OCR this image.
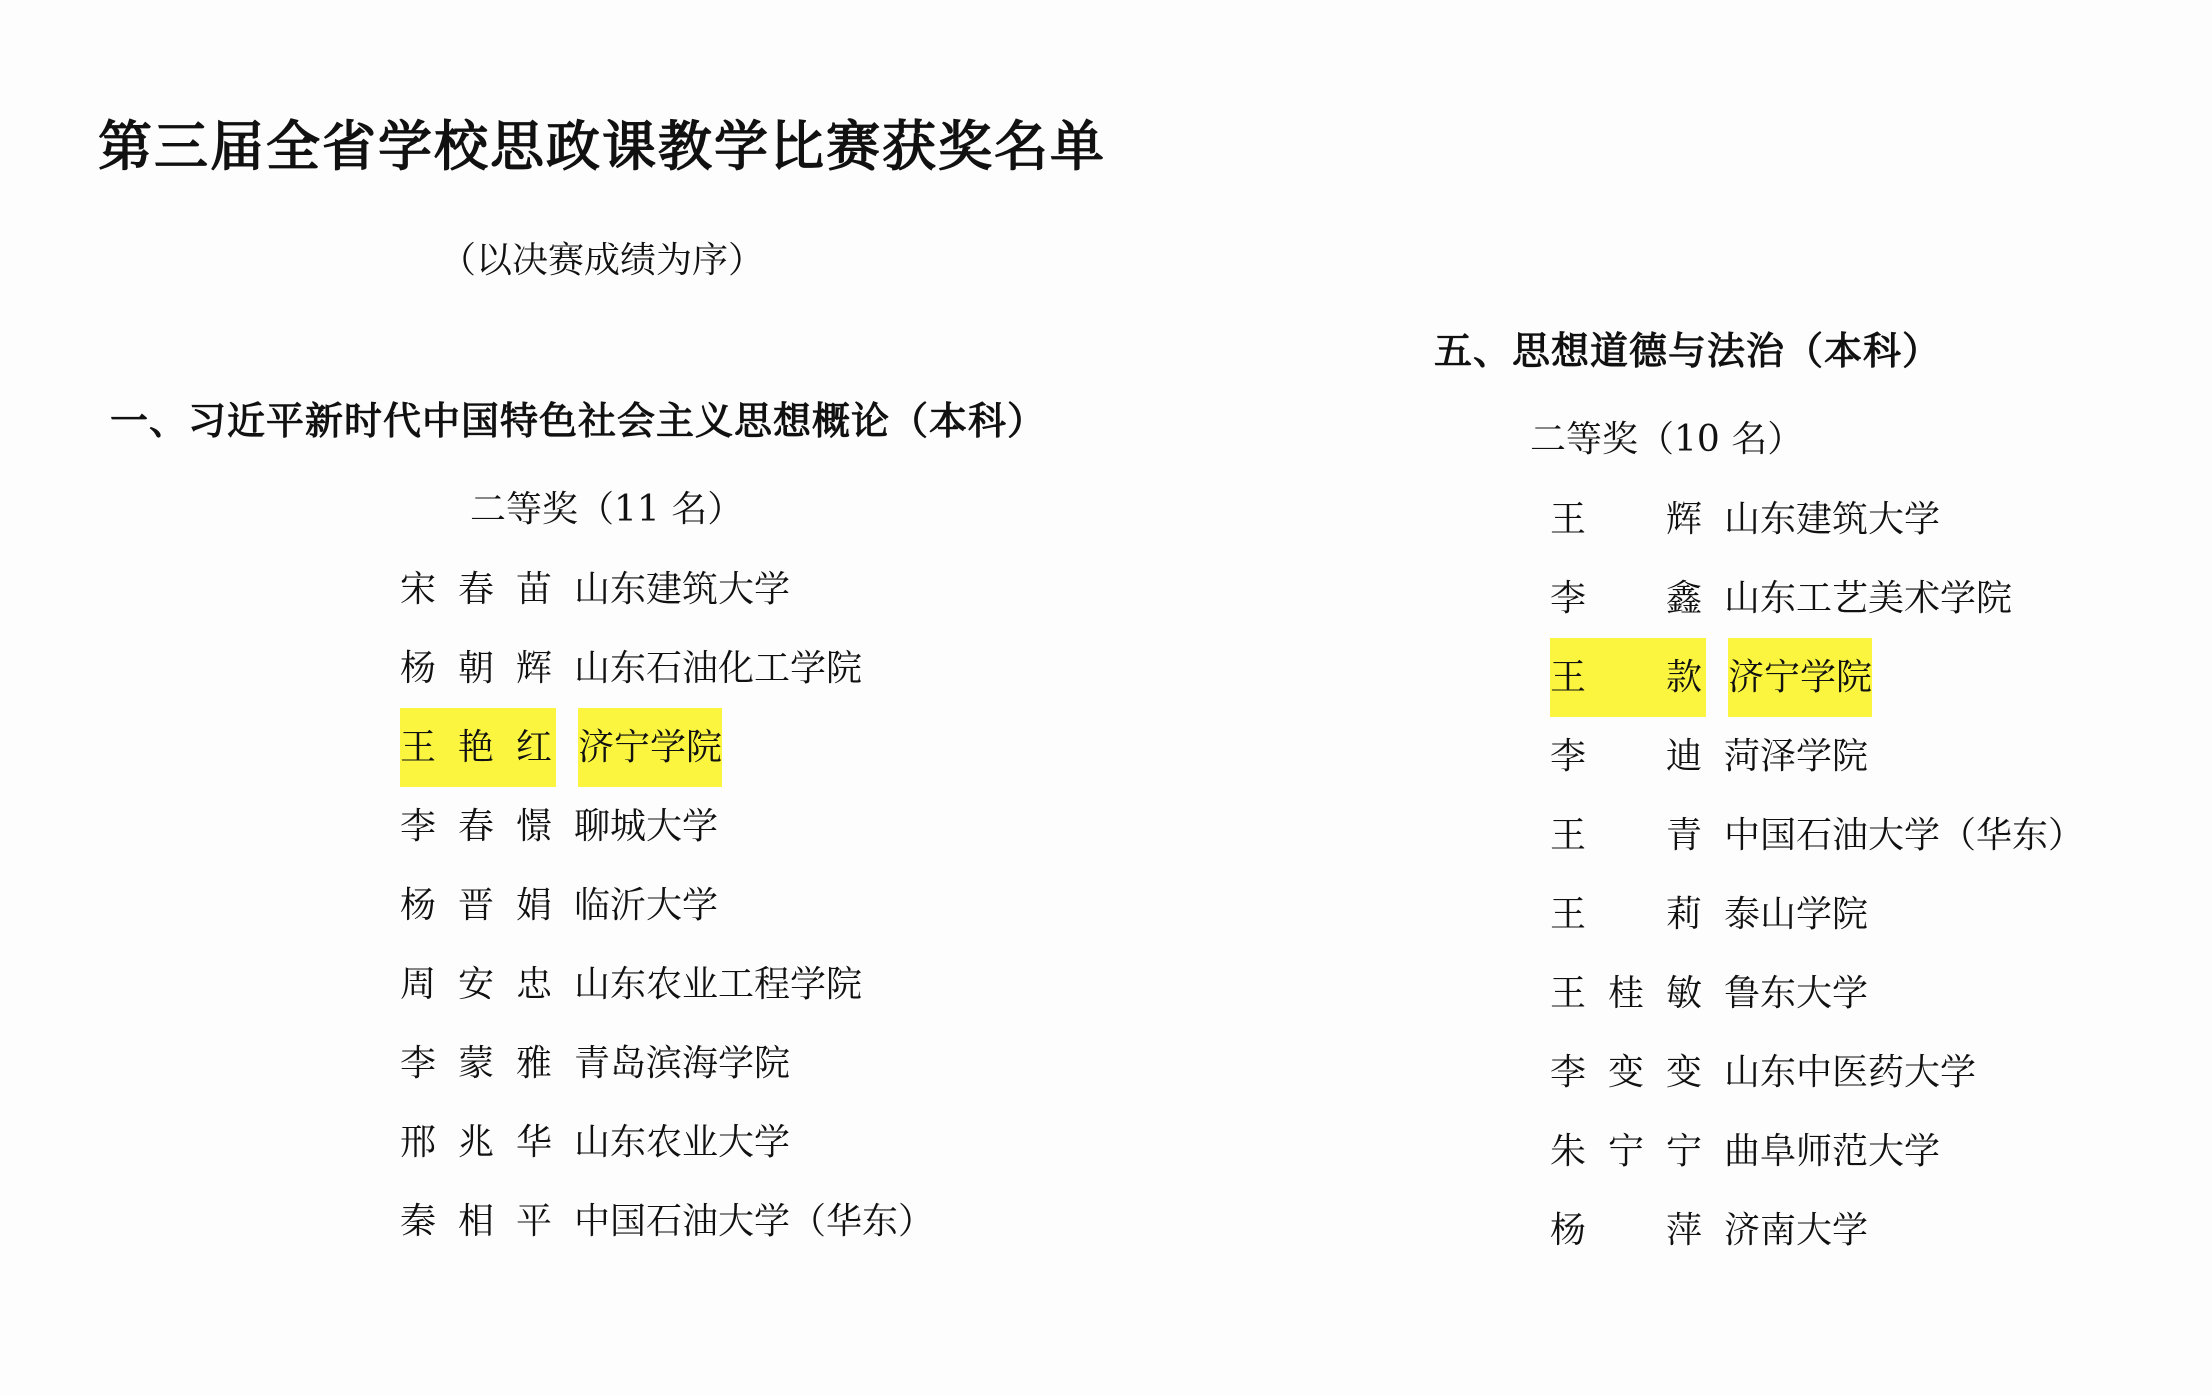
第三届全省学校思政课教学比赛获奖名单
（以决赛成绩为序）
一、习近平新时代中国特色社会主义思想概论（本科）
二等奖（11 名）
宋春苗 山东建筑大学
杨朝辉 山东石油化工学院
王艳红 济宁学院
李春憬 聊城大学
杨晋娟 临沂大学
周安忠 山东农业工程学院
李蒙雅 青岛滨海学院
邢兆华 山东农业大学
秦相平 中国石油大学（华东）
五、思想道德与法治（本科）
二等奖（10 名）
王辉 山东建筑大学
李鑫 山东工艺美术学院
王款 济宁学院
李迪 菏泽学院
王青 中国石油大学（华东）
王莉 泰山学院
王桂敏 鲁东大学
李变变 山东中医药大学
朱宁宁 曲阜师范大学
杨萍 济南大学
